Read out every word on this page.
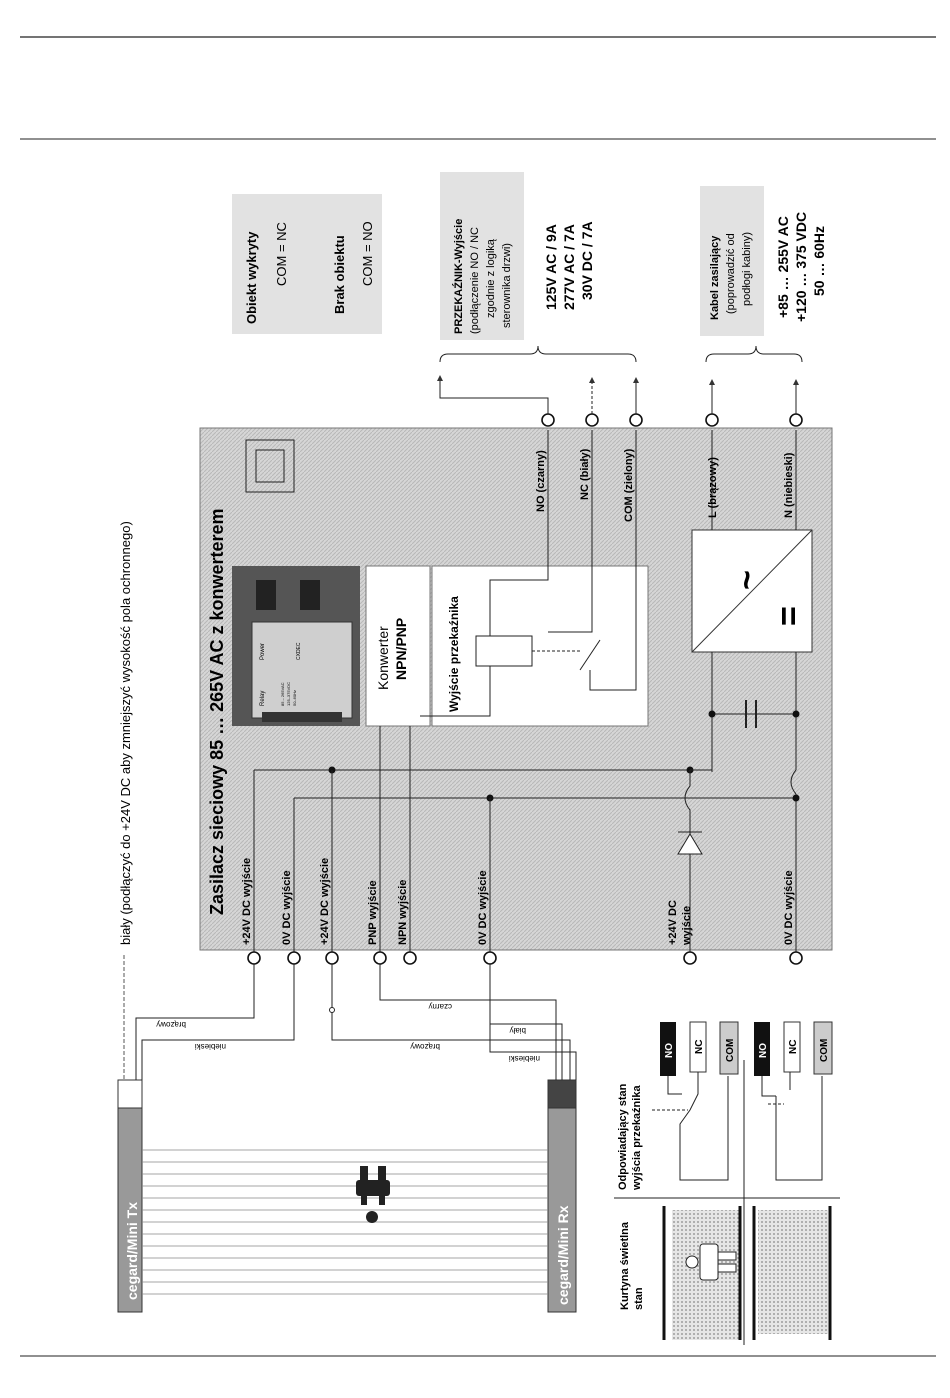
biały (podłączyć do +24V DC aby zmniejszyć wysokość pola ochronnego)
cegard/Mini Tx	cegard/Mini Rx
Zasilacz sieciowy 85 … 265V AC z konwerterem	Relay
Power	CXDEC
85 – 265VAC 125–375VDC 50–60Hz
Konwerter NPN/PNP	Wyjście przekaźnika
~
=
+24V DC wyjście	0V DC wyjście +24V DC wyjście	PNP wyjście NPN wyjście	0V DC wyjście	+24V DC wyjście	0V DC wyjście
NO (czarny)	NC (biały)	COM (zielony)	L (brązowy)	N (niebieski)
brązowy
niebieski
czarny
biały
brązowy
niebieski
Obiekt wykryty COM = NC	Brak obiektu COM = NO	PRZEKAŹNIK-Wyjście (podłączenie NO / NC zgodnie z logiką sterownika drzwi) 125V AC / 9A 277V AC / 7A 30V DC / 7A	Kabel zasilający (poprowadzić od podłogi kabiny) +85 … 255V AC +120 … 375 VDC 50 … 60Hz
Kurtyna świetlna stan
Odpowiadający stan wyjścia przekaźnika
NO NC COM NO NC COM
